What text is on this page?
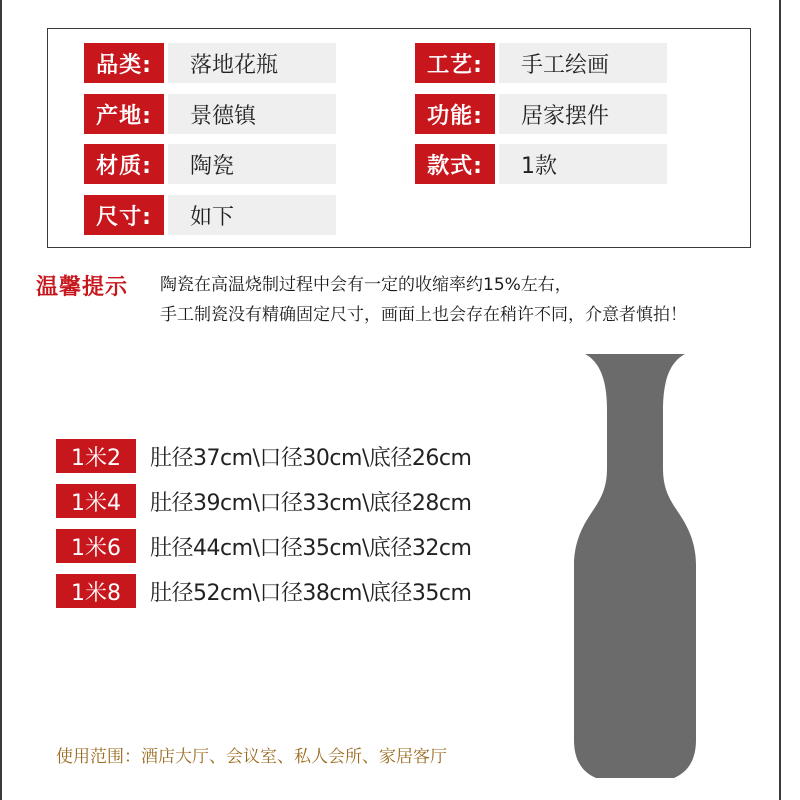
品类:	落地花瓶
产地:	景德镇
材质:	陶瓷
尺寸:	如下
工艺:	手工绘画
功能:	居家摆件
款式:	1款
温馨提示 陶瓷在高温烧制过程中会有一定的收缩率约15%左右，
手工制瓷没有精确固定尺寸，画面上也会存在稍许不同，介意者慎拍！
1米2	肚径37cm\口径30cm\底径26cm
1米4	肚径39cm\口径33cm\底径28cm
1米6	肚径44cm\口径35cm\底径32cm
1米8	肚径52cm\口径38cm\底径35cm
使用范围：酒店大厅、会议室、私人会所、家居客厅
